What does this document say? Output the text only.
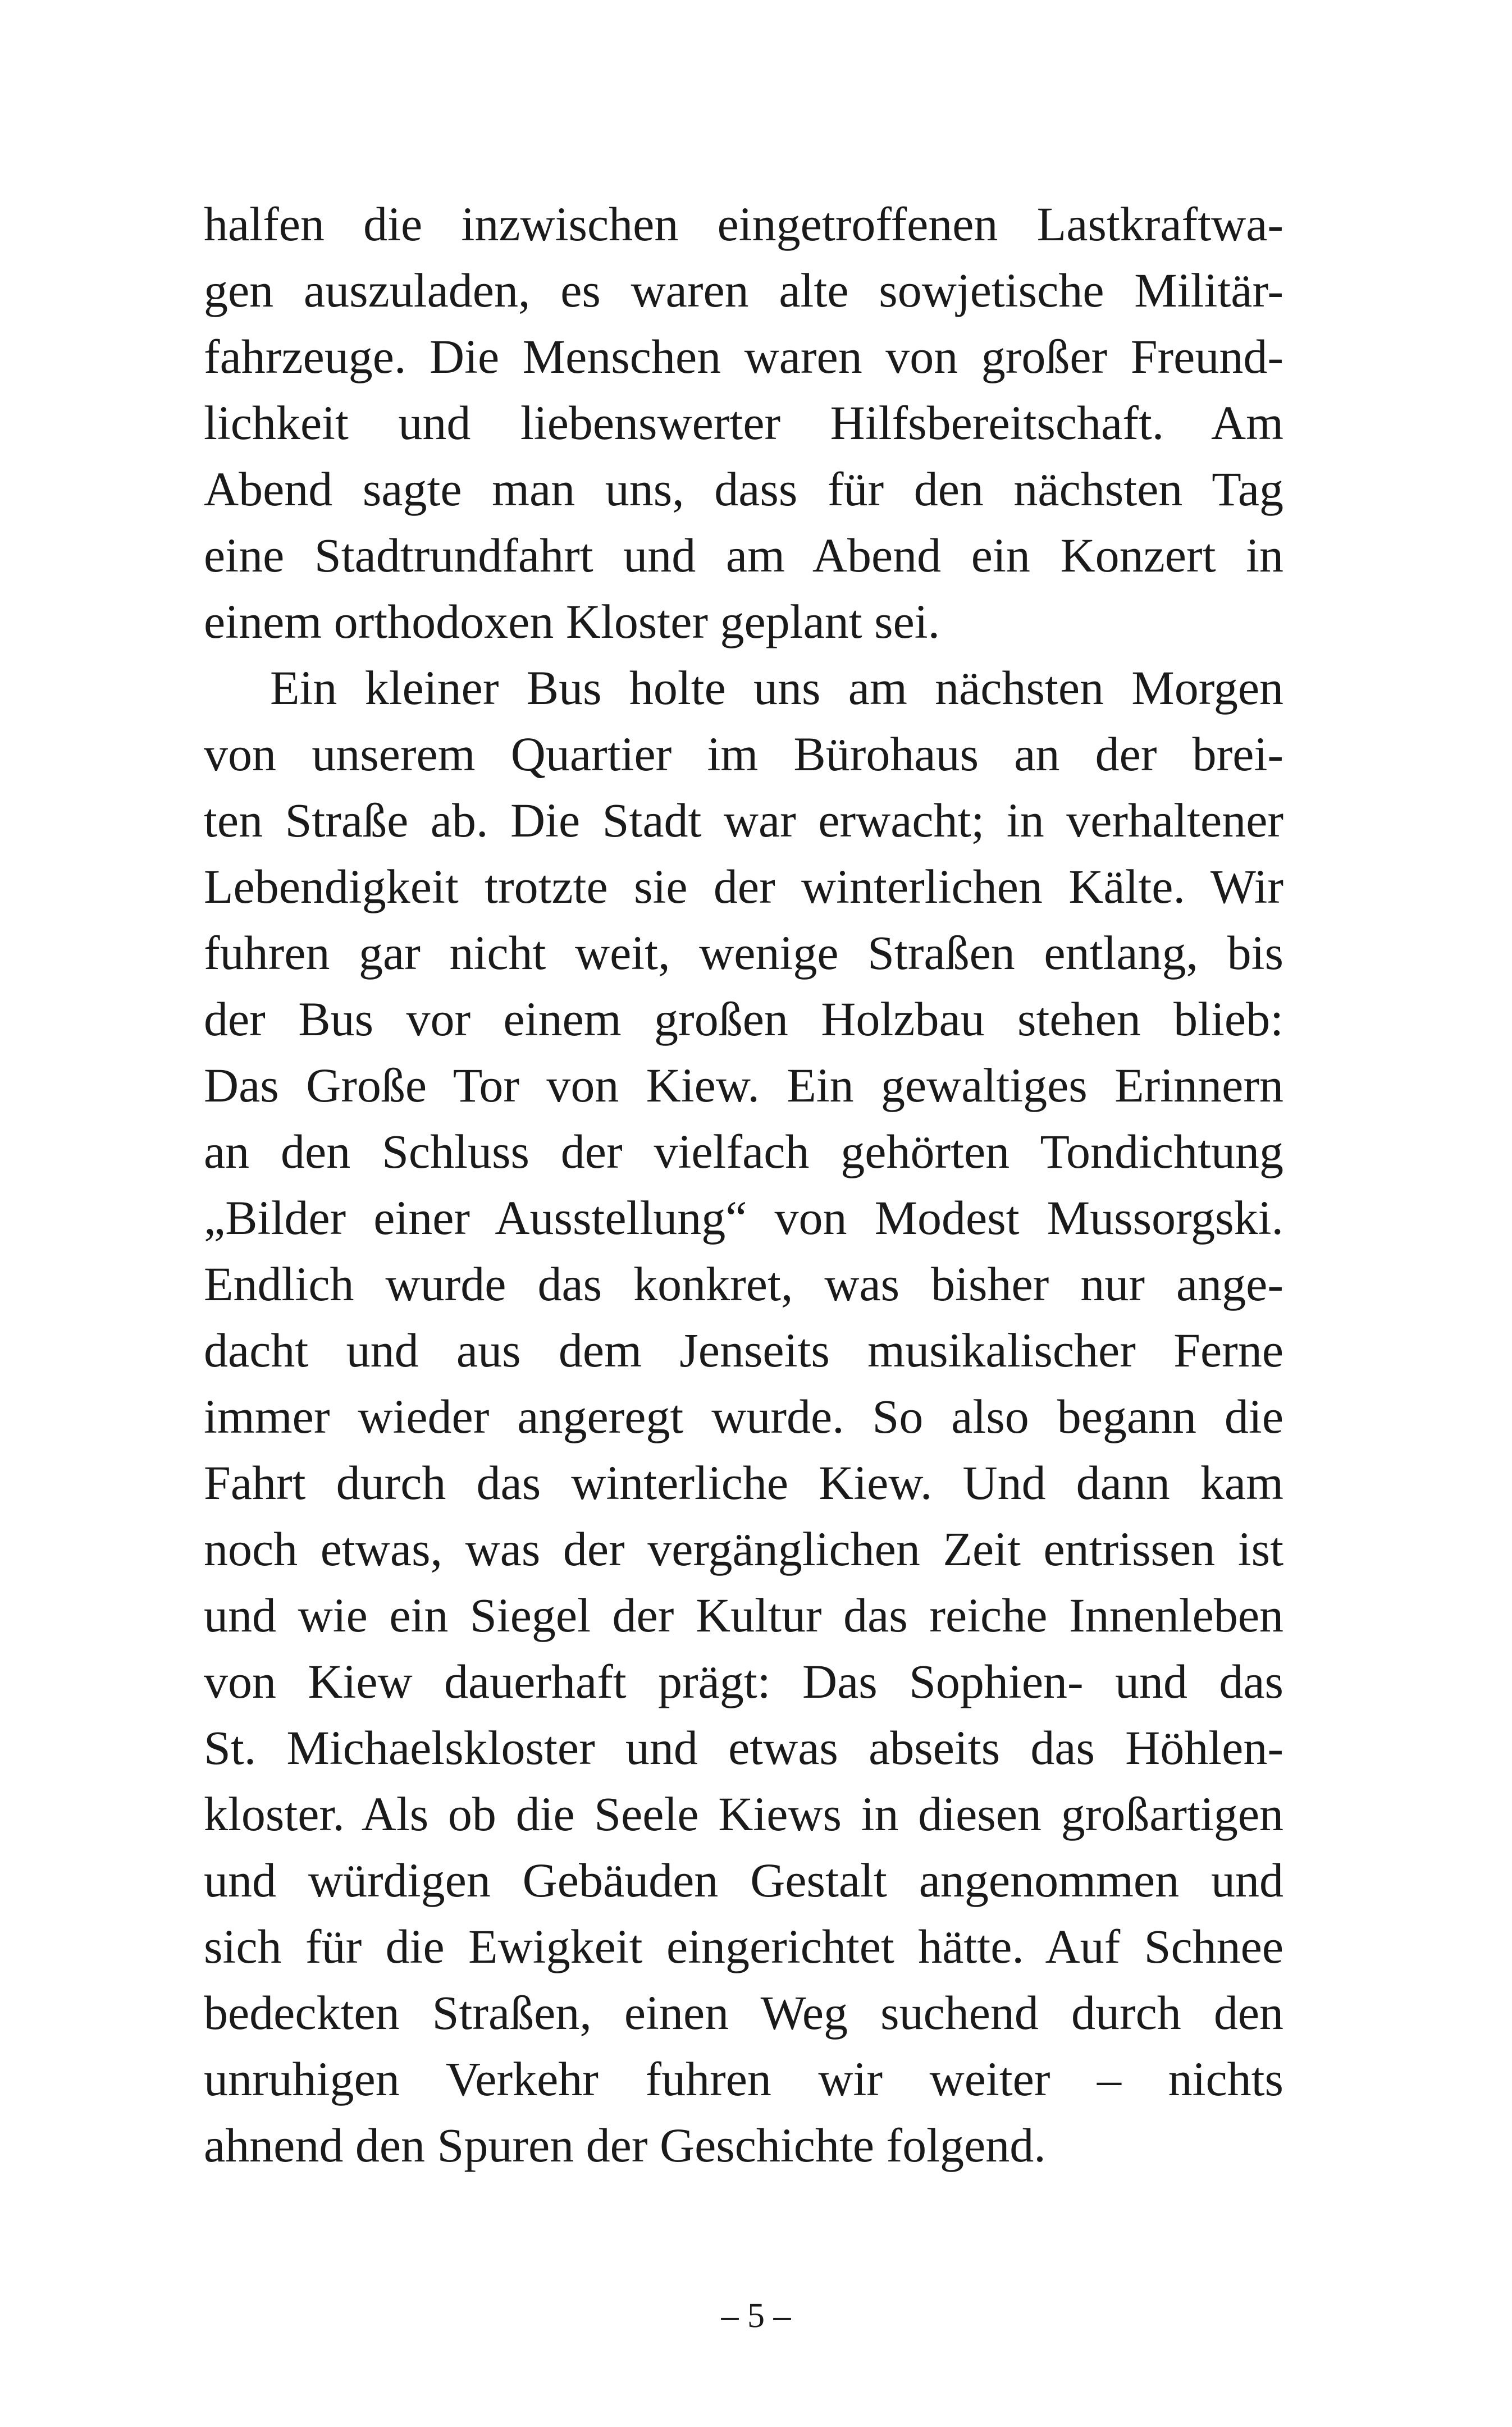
halfen die inzwischen eingetroffenen Lastkraftwa-
gen auszuladen, es waren alte sowjetische Militär-
fahrzeuge. Die Menschen waren von großer Freund-
lichkeit und liebenswerter Hilfsbereitschaft. Am
Abend sagte man uns, dass für den nächsten Tag
eine Stadtrundfahrt und am Abend ein Konzert in
einem orthodoxen Kloster geplant sei.
Ein kleiner Bus holte uns am nächsten Morgen
von unserem Quartier im Bürohaus an der brei-
ten Straße ab. Die Stadt war erwacht; in verhaltener
Lebendigkeit trotzte sie der winterlichen Kälte. Wir
fuhren gar nicht weit, wenige Straßen entlang, bis
der Bus vor einem großen Holzbau stehen blieb:
Das Große Tor von Kiew. Ein gewaltiges Erinnern
an den Schluss der vielfach gehörten Tondichtung
„Bilder einer Ausstellung“ von Modest Mussorgski.
Endlich wurde das konkret, was bisher nur ange-
dacht und aus dem Jenseits musikalischer Ferne
immer wieder angeregt wurde. So also begann die
Fahrt durch das winterliche Kiew. Und dann kam
noch etwas, was der vergänglichen Zeit entrissen ist
und wie ein Siegel der Kultur das reiche Innenleben
von Kiew dauerhaft prägt: Das Sophien- und das
St. Michaelskloster und etwas abseits das Höhlen-
kloster. Als ob die Seele Kiews in diesen großartigen
und würdigen Gebäuden Gestalt angenommen und
sich für die Ewigkeit eingerichtet hätte. Auf Schnee
bedeckten Straßen, einen Weg suchend durch den
unruhigen Verkehr fuhren wir weiter – nichts
ahnend den Spuren der Geschichte folgend.
– 5 –
